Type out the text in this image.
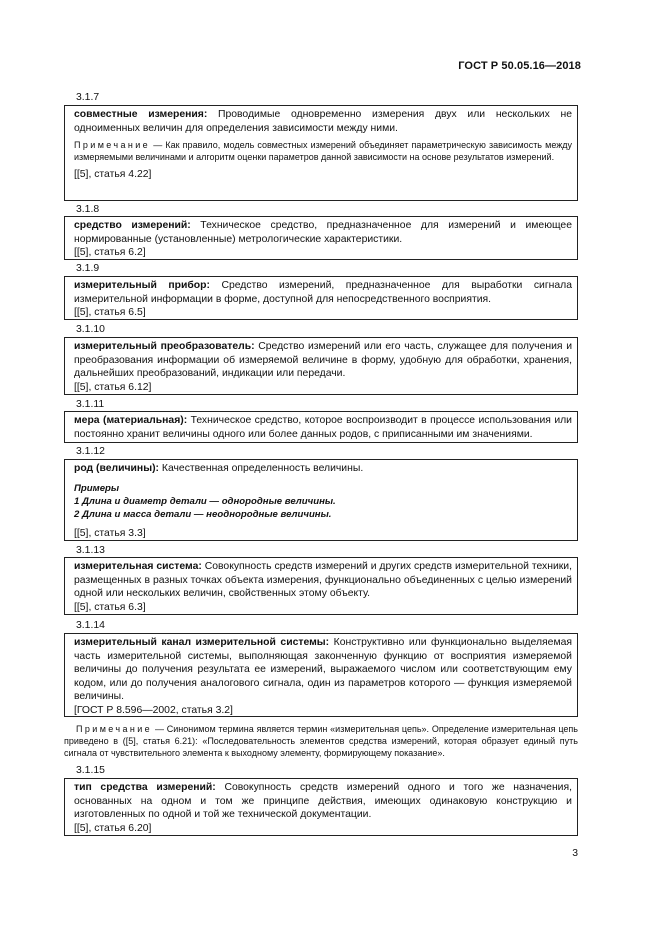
ГОСТ Р 50.05.16—2018
3.1.7

совместные измерения: Проводимые одновременно измерения двух или нескольких не одноименных величин для определения зависимости между ними.

Примечание — Как правило, модель совместных измерений объединяет параметрическую зависимость между измеряемыми величинами и алгоритм оценки параметров данной зависимости на основе результатов измерений.

[[5], статья 4.22]

3.1.8

средство измерений: Техническое средство, предназначенное для измерений и имеющее нормированные (установленные) метрологические характеристики.

[[5], статья 6.2]

3.1.9

измерительный прибор: Средство измерений, предназначенное для выработки сигнала измерительной информации в форме, доступной для непосредственного восприятия.

[[5], статья 6.5]

3.1.10

измерительный преобразователь: Средство измерений или его часть, служащее для получения и преобразования информации об измеряемой величине в форму, удобную для обработки, хранения, дальнейших преобразований, индикации или передачи.

[[5], статья 6.12]

3.1.11

мера (материальная): Техническое средство, которое воспроизводит в процессе использования или постоянно хранит величины одного или более данных родов, с приписанными им значениями.

3.1.12

род (величины): Качественная определенность величины.

Примеры

1 Длина и диаметр детали — однородные величины.

2 Длина и масса детали — неоднородные величины.

[[5], статья 3.3]

3.1.13

измерительная система: Совокупность средств измерений и других средств измерительной техники, размещенных в разных точках объекта измерения, функционально объединенных с целью измерений одной или нескольких величин, свойственных этому объекту.

[[5], статья 6.3]

3.1.14

измерительный канал измерительной системы: Конструктивно или функционально выделяемая часть измерительной системы, выполняющая законченную функцию от восприятия измеряемой величины до получения результата ее измерений, выражаемого числом или соответствующим ему кодом, или до получения аналогового сигнала, один из параметров которого — функция измеряемой величины.

[ГОСТ Р 8.596—2002, статья 3.2]

Примечание — Синонимом термина является термин «измерительная цепь». Определение измерительная цепь приведено в ([5], статья 6.21): «Последовательность элементов средства измерений, которая образует единый путь сигнала от чувствительного элемента к выходному элементу, формирующему показание».
3.1.15

тип средства измерений: Совокупность средств измерений одного и того же назначения, основанных на одном и том же принципе действия, имеющих одинаковую конструкцию и изготовленных по одной и той же технической документации.

[[5], статья 6.20]

3
